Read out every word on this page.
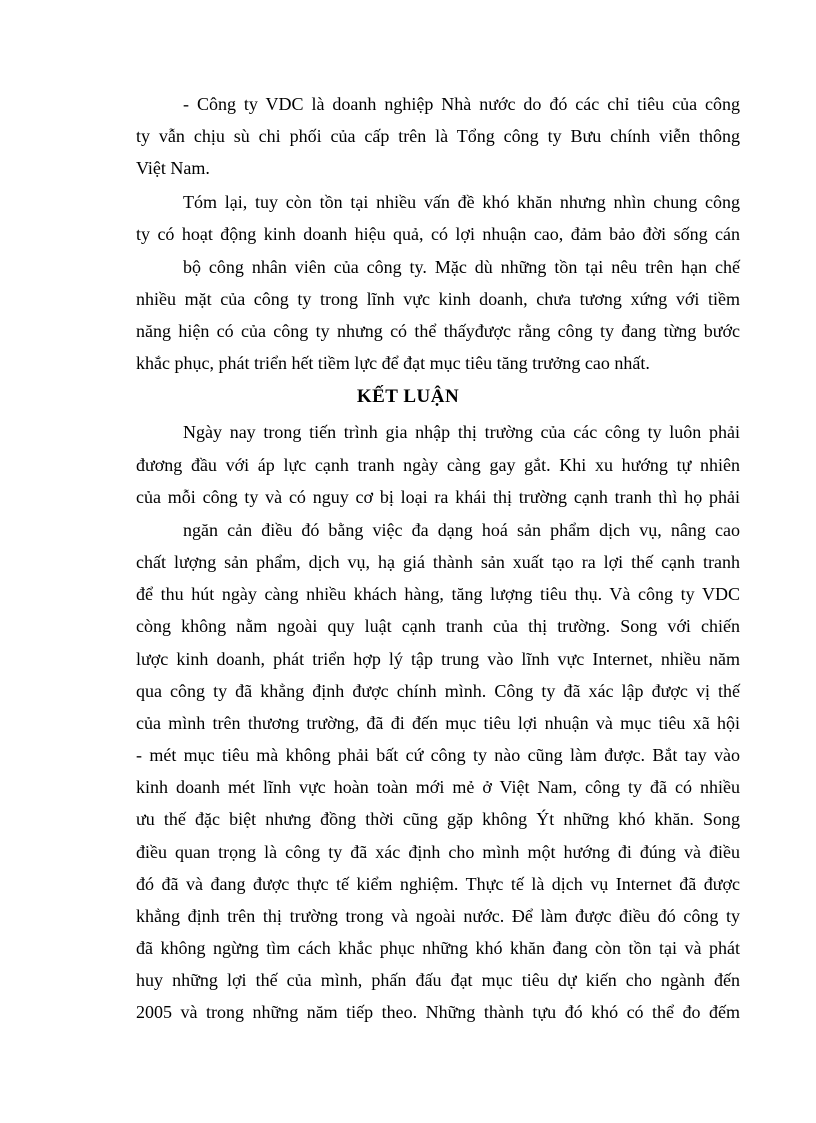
- Công ty VDC là doanh nghiệp Nhà nước do đó các chỉ tiêu của công
ty vẫn chịu sù chi phối của cấp trên là Tổng công ty Bưu chính viễn thông
Việt Nam.
Tóm lại, tuy còn tồn tại nhiều vấn đề khó khăn nhưng nhìn chung công
ty có hoạt động kinh doanh hiệu quả, có lợi nhuận cao, đảm bảo đời sống cán
bộ công nhân viên của công ty. Mặc dù những tồn tại nêu trên hạn chế
nhiều mặt của công ty trong lĩnh vực kinh doanh, chưa tương xứng với tiềm
năng hiện có của công ty nhưng có thể thấyđược rằng công ty đang từng bước
khắc phục, phát triển hết tiềm lực để đạt mục tiêu tăng trưởng cao nhất.
KẾT LUẬN
Ngày nay trong tiến trình gia nhập thị trường của các công ty luôn phải
đương đầu với áp lực cạnh tranh ngày càng gay gắt. Khi xu hướng tự nhiên
của mỗi công ty và có nguy cơ bị loại ra khái thị trường cạnh tranh thì họ phải
ngăn cản điều đó bằng việc đa dạng hoá sản phẩm dịch vụ, nâng cao
chất lượng sản phẩm, dịch vụ, hạ giá thành sản xuất tạo ra lợi thế cạnh tranh
để thu hút ngày càng nhiều khách hàng, tăng lượng tiêu thụ. Và công ty VDC
còng không nằm ngoài quy luật cạnh tranh của thị trường. Song với chiến
lược kinh doanh, phát triển hợp lý tập trung vào lĩnh vực Internet, nhiều năm
qua công ty đã khẳng định được chính mình. Công ty đã xác lập được vị thế
của mình trên thương trường, đã đi đến mục tiêu lợi nhuận và mục tiêu xã hội
- mét mục tiêu mà không phải bất cứ công ty nào cũng làm được. Bắt tay vào
kinh doanh mét lĩnh vực hoàn toàn mới mẻ ở Việt Nam, công ty đã có nhiều
ưu thế đặc biệt nhưng đồng thời cũng gặp không Ýt những khó khăn. Song
điều quan trọng là công ty đã xác định cho mình một hướng đi đúng và điều
đó đã và đang được thực tế kiểm nghiệm. Thực tế là dịch vụ Internet đã được
khẳng định trên thị trường trong và ngoài nước. Để làm được điều đó công ty
đã không ngừng tìm cách khắc phục những khó khăn đang còn tồn tại và phát
huy những lợi thế của mình, phấn đấu đạt mục tiêu dự kiến cho ngành đến
2005 và trong những năm tiếp theo. Những thành tựu đó khó có thể đo đếm
